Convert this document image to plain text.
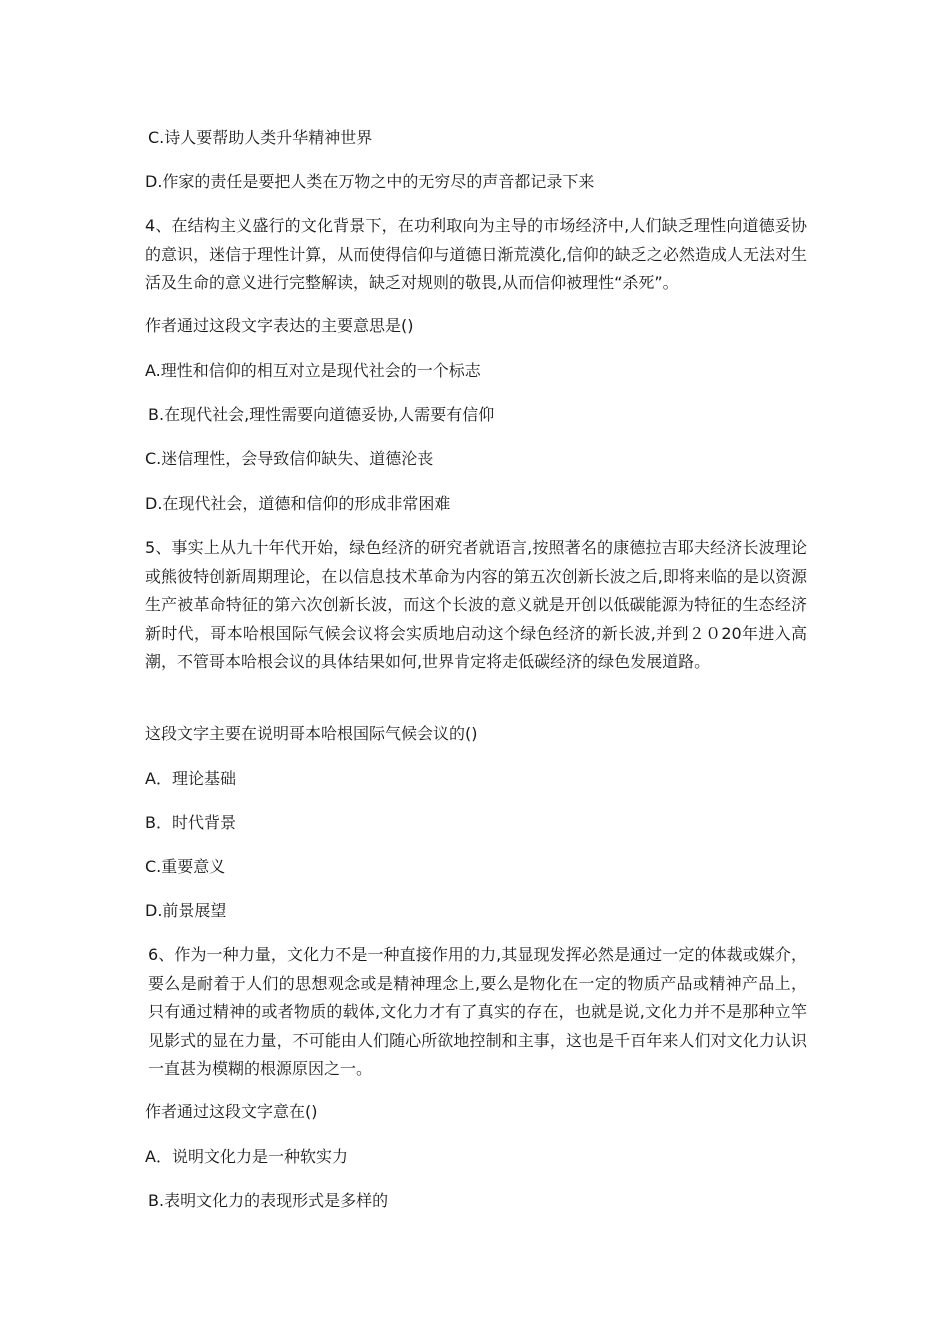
C.诗人要帮助人类升华精神世界

D.作家的责任是要把人类在万物之中的无穷尽的声音都记录下来

4、在结构主义盛行的文化背景下，在功利取向为主导的市场经济中,人们缺乏理性向道德妥协的意识，迷信于理性计算，从而使得信仰与道德日渐荒漠化,信仰的缺乏之必然造成人无法对生活及生命的意义进行完整解读，缺乏对规则的敬畏,从而信仰被理性“杀死”。

作者通过这段文字表达的主要意思是()

A.理性和信仰的相互对立是现代社会的一个标志

B.在现代社会,理性需要向道德妥协,人需要有信仰

C.迷信理性，会导致信仰缺失、道德沦丧

D.在现代社会，道德和信仰的形成非常困难

5、事实上从九十年代开始，绿色经济的研究者就语言,按照著名的康德拉吉耶夫经济长波理论或熊彼特创新周期理论，在以信息技术革命为内容的第五次创新长波之后,即将来临的是以资源生产被革命特征的第六次创新长波，而这个长波的意义就是开创以低碳能源为特征的生态经济新时代，哥本哈根国际气候会议将会实质地启动这个绿色经济的新长波,并到２０20年进入高潮，不管哥本哈根会议的具体结果如何,世界肯定将走低碳经济的绿色发展道路。

这段文字主要在说明哥本哈根国际气候会议的()

A．理论基础

B．时代背景

C.重要意义

D.前景展望

6、作为一种力量，文化力不是一种直接作用的力,其显现发挥必然是通过一定的体裁或媒介，要么是耐着于人们的思想观念或是精神理念上,要么是物化在一定的物质产品或精神产品上，只有通过精神的或者物质的载体,文化力才有了真实的存在，也就是说,文化力并不是那种立竿见影式的显在力量，不可能由人们随心所欲地控制和主事，这也是千百年来人们对文化力认识一直甚为模糊的根源原因之一。

作者通过这段文字意在()

A．说明文化力是一种软实力

B.表明文化力的表现形式是多样的
